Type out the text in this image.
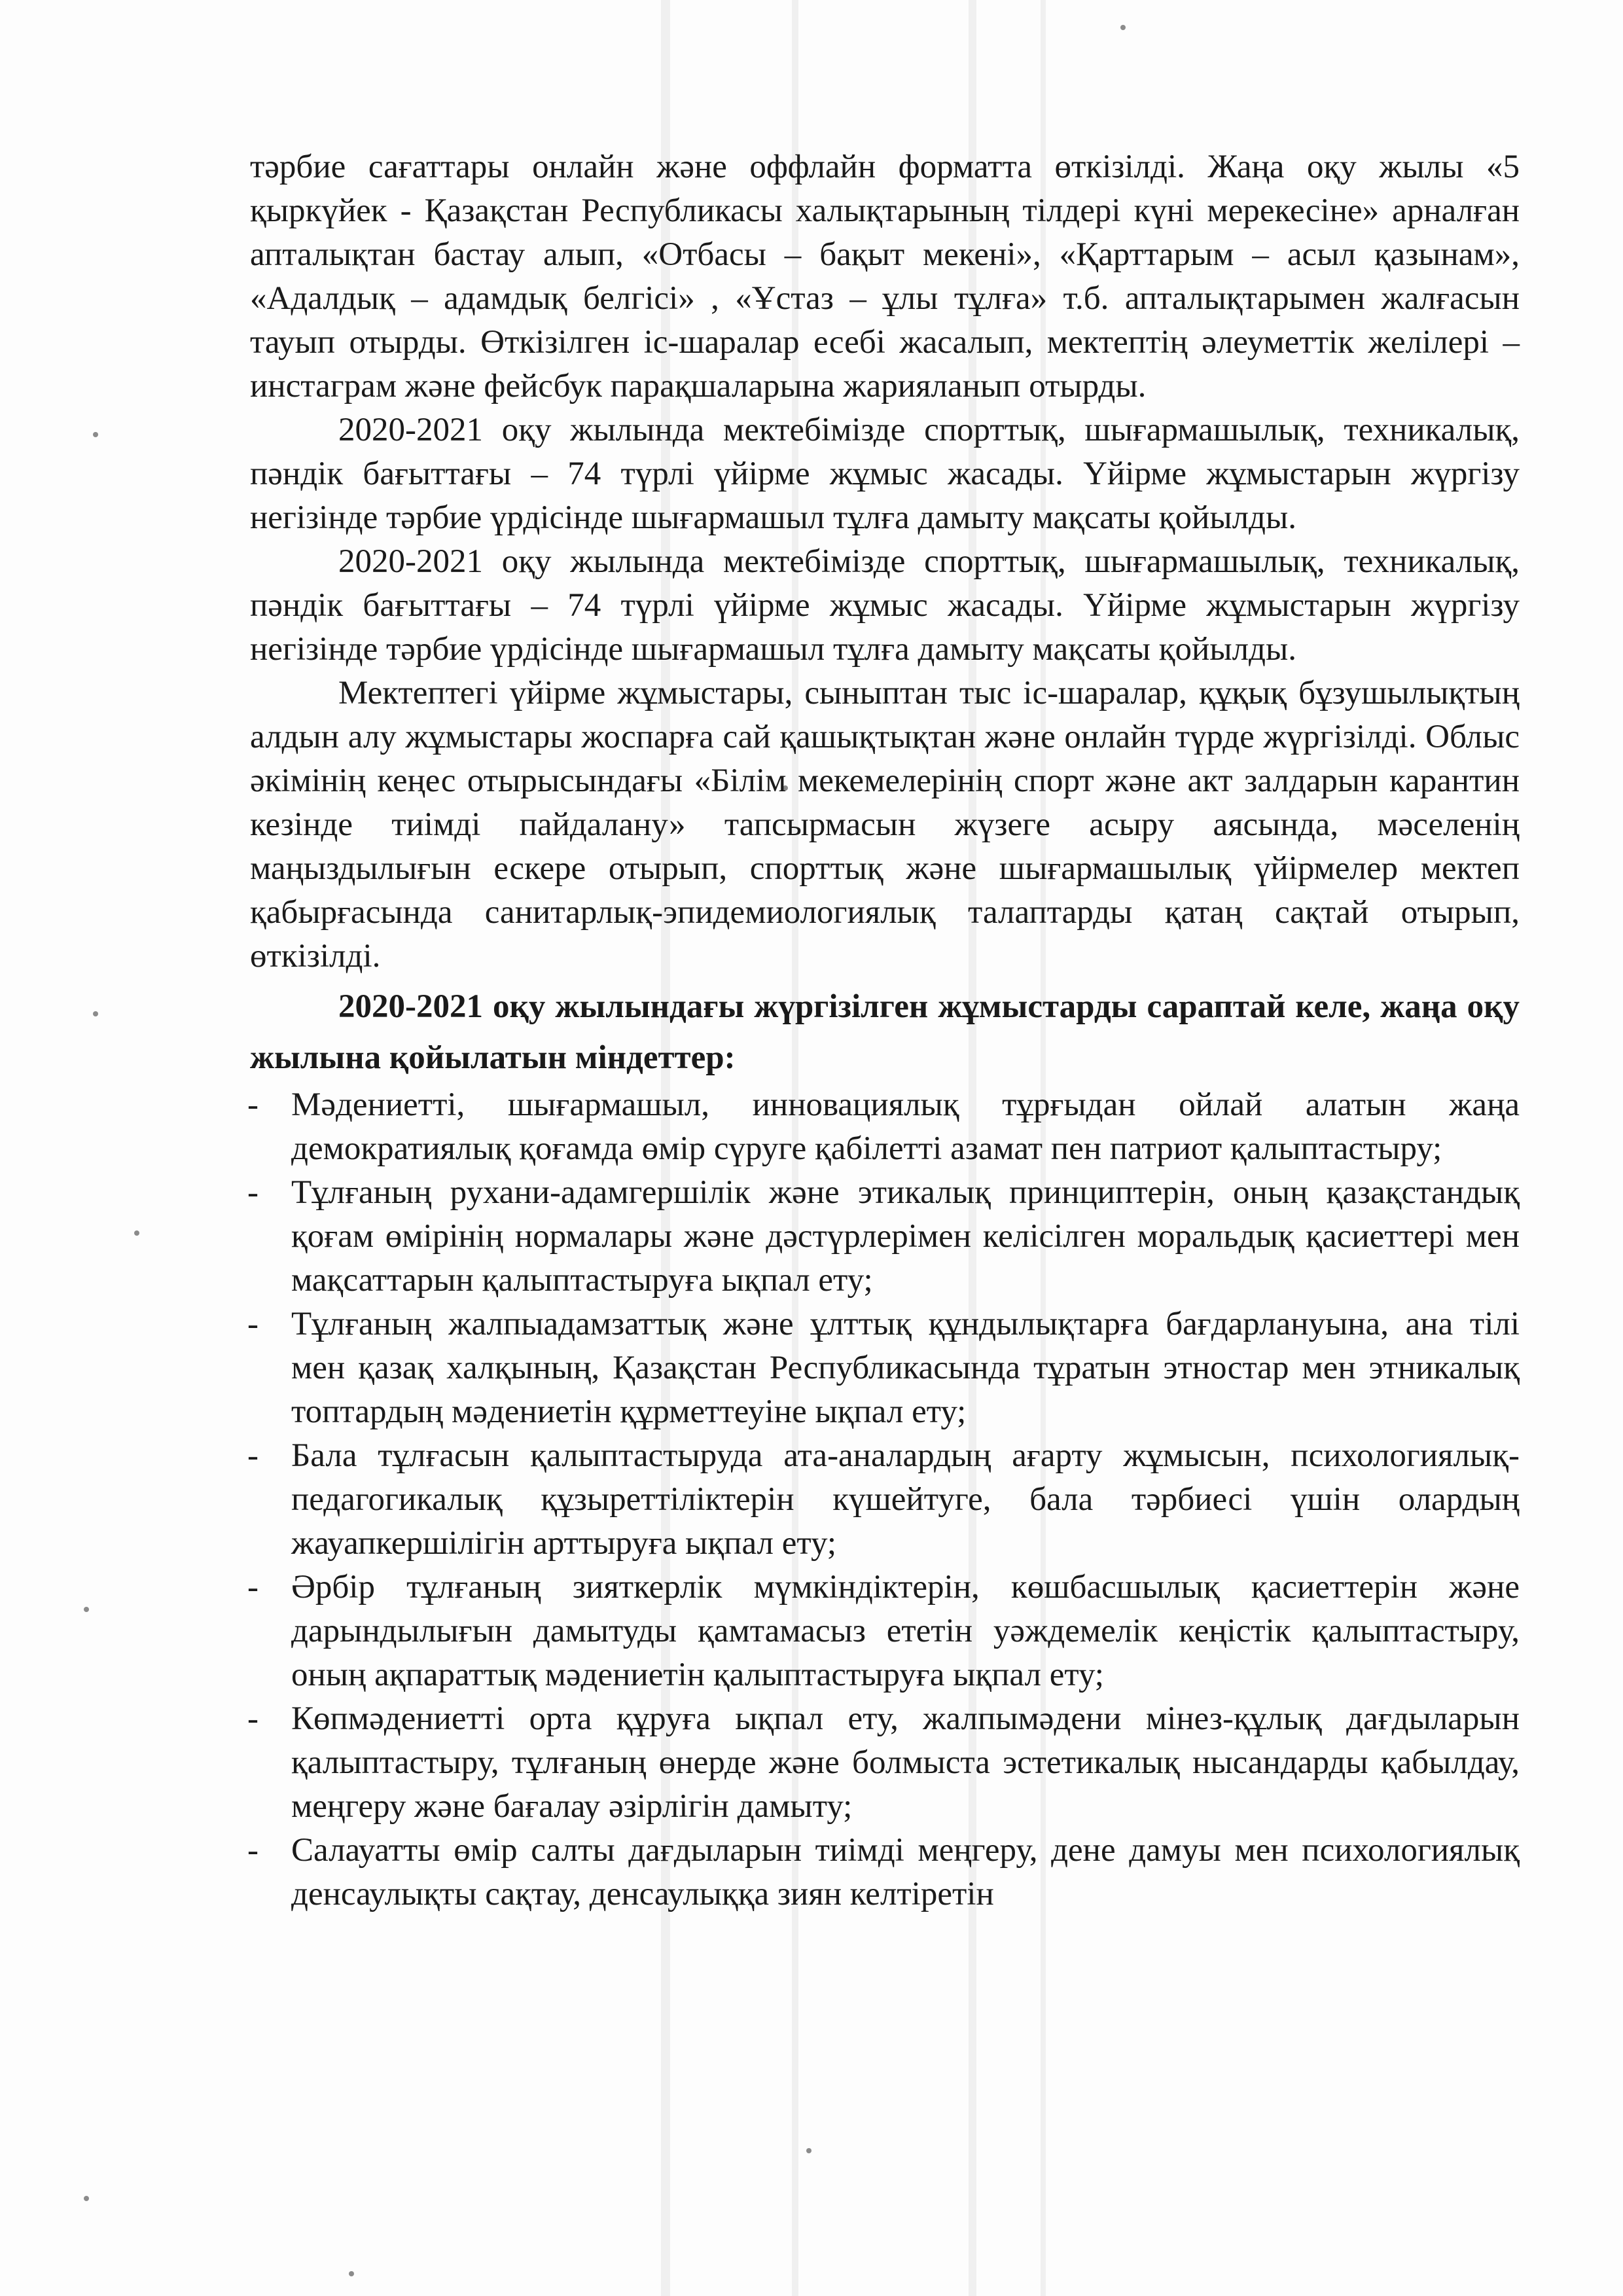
тәрбие сағаттары онлайн және оффлайн форматта өткізілді. Жаңа оқу жылы «5 қыркүйек - Қазақстан Республикасы халықтарының тілдері күні мерекесіне» арналған апталықтан бастау алып, «Отбасы – бақыт мекені», «Қарттарым – асыл қазынам», «Адалдық – адамдық белгісі» , «Ұстаз – ұлы тұлға» т.б. апталықтарымен жалғасын тауып отырды. Өткізілген іс-шаралар есебі жасалып, мектептің әлеуметтік желілері – инстаграм және фейсбук парақшаларына жарияланып отырды.

2020-2021 оқу жылында мектебімізде спорттық, шығармашылық, техникалық, пәндік бағыттағы – 74 түрлі үйірме жұмыс жасады. Үйірме жұмыстарын жүргізу негізінде тәрбие үрдісінде шығармашыл тұлға дамыту мақсаты қойылды.

2020-2021 оқу жылында мектебімізде спорттық, шығармашылық, техникалық, пәндік бағыттағы – 74 түрлі үйірме жұмыс жасады. Үйірме жұмыстарын жүргізу негізінде тәрбие үрдісінде шығармашыл тұлға дамыту мақсаты қойылды.

Мектептегі үйірме жұмыстары, сыныптан тыс іс-шаралар, құқық бұзушылықтың алдын алу жұмыстары жоспарға сай қашықтықтан және онлайн түрде жүргізілді. Облыс әкімінің кеңес отырысындағы «Білім мекемелерінің спорт және акт залдарын карантин кезінде тиімді пайдалану» тапсырмасын жүзеге асыру аясында, мәселенің маңыздылығын ескере отырып, спорттық және шығармашылық үйірмелер мектеп қабырғасында санитарлық-эпидемиологиялық талаптарды қатаң сақтай отырып, өткізілді.

2020-2021 оқу жылындағы жүргізілген жұмыстарды сараптай келе, жаңа оқу жылына қойылатын міндеттер:

- Мәдениетті, шығармашыл, инновациялық тұрғыдан ойлай алатын жаңа демократиялық қоғамда өмір сүруге қабілетті азамат пен патриот қалыптастыру;
- Тұлғаның рухани-адамгершілік және этикалық принциптерін, оның қазақстандық қоғам өмірінің нормалары және дәстүрлерімен келісілген моральдық қасиеттері мен мақсаттарын қалыптастыруға ықпал ету;
- Тұлғаның жалпыадамзаттық және ұлттық құндылықтарға бағдарлануына, ана тілі мен қазақ халқының, Қазақстан Республикасында тұратын этностар мен этникалық топтардың мәдениетін құрметтеуіне ықпал ету;
- Бала тұлғасын қалыптастыруда ата-аналардың ағарту жұмысын, психологиялық-педагогикалық құзыреттіліктерін күшейтуге, бала тәрбиесі үшін олардың жауапкершілігін арттыруға ықпал ету;
- Әрбір тұлғаның зияткерлік мүмкіндіктерін, көшбасшылық қасиеттерін және дарындылығын дамытуды қамтамасыз ететін уәждемелік кеңістік қалыптастыру, оның ақпараттық мәдениетін қалыптастыруға ықпал ету;
- Көпмәдениетті орта құруға ықпал ету, жалпымәдени мінез-құлық дағдыларын қалыптастыру, тұлғаның өнерде және болмыста эстетикалық нысандарды қабылдау, меңгеру және бағалау әзірлігін дамыту;
- Салауатты өмір салты дағдыларын тиімді меңгеру, дене дамуы мен психологиялық денсаулықты сақтау, денсаулыққа зиян келтіретін
